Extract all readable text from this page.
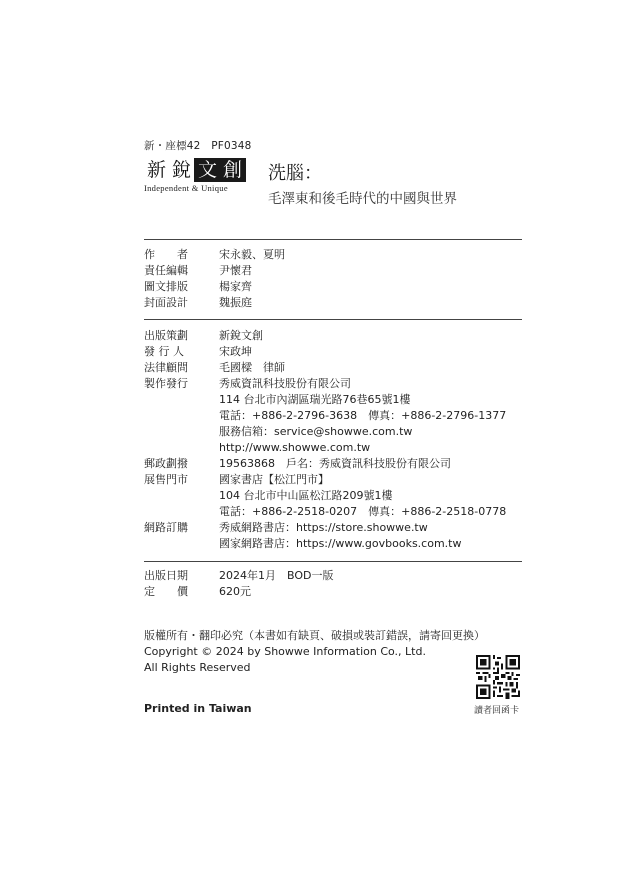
新・座標42　PF0348
新 銳 文 創
Independent & Unique
洗腦：
毛澤東和後毛時代的中國與世界
作　　者	宋永毅、夏明
責任編輯	尹懷君
圖文排版	楊家齊
封面設計	魏振庭
出版策劃	新銳文創
發 行 人	宋政坤
法律顧問	毛國樑　律師
製作發行	秀威資訊科技股份有限公司
114 台北市內湖區瑞光路76巷65號1樓
電話：+886-2-2796-3638　傳真：+886-2-2796-1377
服務信箱：service@showwe.com.tw
http://www.showwe.com.tw
郵政劃撥	19563868　戶名：秀威資訊科技股份有限公司
展售門市	國家書店【松江門市】
104 台北市中山區松江路209號1樓
電話：+886-2-2518-0207　傳真：+886-2-2518-0778
網路訂購	秀威網路書店：https://store.showwe.tw
國家網路書店：https://www.govbooks.com.tw
出版日期	2024年1月　BOD一版
定　　價	620元
版權所有・翻印必究（本書如有缺頁、破損或裝訂錯誤，請寄回更換）
Copyright © 2024 by Showwe Information Co., Ltd.
All Rights Reserved
Printed in Taiwan	讀者回函卡
